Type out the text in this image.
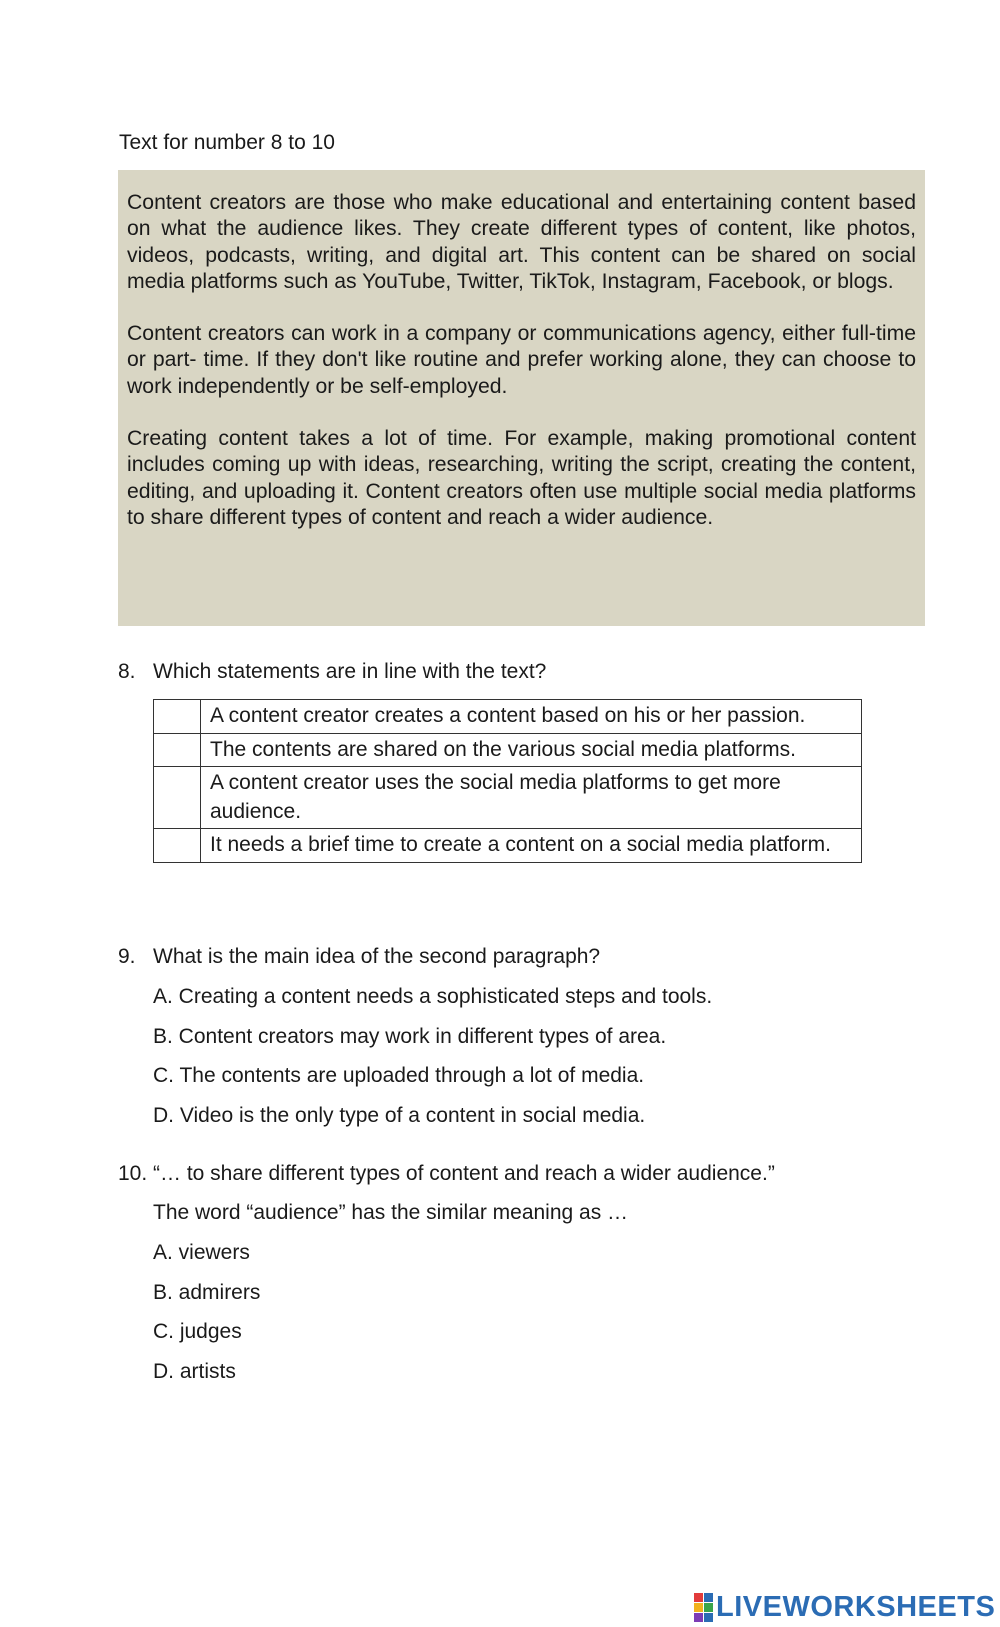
Text for number 8 to 10

Content creators are those who make educational and entertaining content based on what the audience likes. They create different types of content, like photos, videos, podcasts, writing, and digital art. This content can be shared on social media platforms such as YouTube, Twitter, TikTok, Instagram, Facebook, or blogs.

Content creators can work in a company or communications agency, either full-time or part- time. If they don't like routine and prefer working alone, they can choose to work independently or be self-employed.

Creating content takes a lot of time. For example, making promotional content includes coming up with ideas, researching, writing the script, creating the content, editing, and uploading it. Content creators often use multiple social media platforms to share different types of content and reach a wider audience.

8. Which statements are in line with the text?
	A content creator creates a content based on his or her passion.
	The contents are shared on the various social media platforms.
	A content creator uses the social media platforms to get more audience.
	It needs a brief time to create a content on a social media platform.
9. What is the main idea of the second paragraph?
A. Creating a content needs a sophisticated steps and tools.
B. Content creators may work in different types of area.
C. The contents are uploaded through a lot of media.
D. Video is the only type of a content in social media.
10. “… to share different types of content and reach a wider audience.”
The word “audience” has the similar meaning as …
A. viewers
B. admirers
C. judges
D. artists
LIVEWORKSHEETS
